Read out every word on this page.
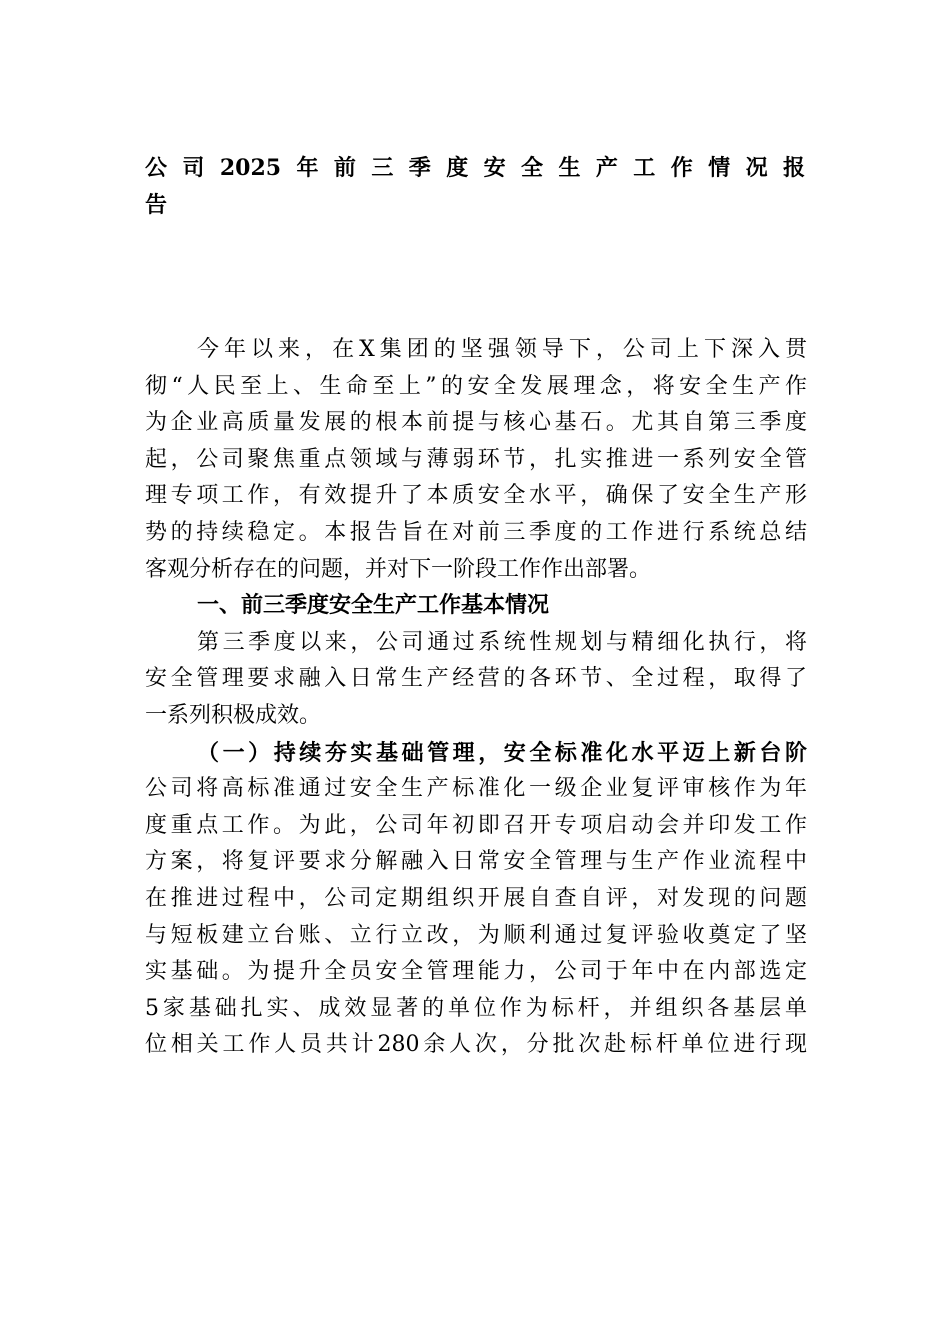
公司2025年前三季度安全生产工作情况报
告
今年以来，在X集团的坚强领导下，公司上下深入贯
彻“人民至上、生命至上”的安全发展理念，将安全生产作
为企业高质量发展的根本前提与核心基石。尤其自第三季度
起，公司聚焦重点领域与薄弱环节，扎实推进一系列安全管
理专项工作，有效提升了本质安全水平，确保了安全生产形
势的持续稳定。本报告旨在对前三季度的工作进行系统总结
客观分析存在的问题，并对下一阶段工作作出部署。
一、前三季度安全生产工作基本情况
第三季度以来，公司通过系统性规划与精细化执行，将
安全管理要求融入日常生产经营的各环节、全过程，取得了
一系列积极成效。
（一）持续夯实基础管理，安全标准化水平迈上新台阶
公司将高标准通过安全生产标准化一级企业复评审核作为年
度重点工作。为此，公司年初即召开专项启动会并印发工作
方案，将复评要求分解融入日常安全管理与生产作业流程中
在推进过程中，公司定期组织开展自查自评，对发现的问题
与短板建立台账、立行立改，为顺利通过复评验收奠定了坚
实基础。为提升全员安全管理能力，公司于年中在内部选定
5家基础扎实、成效显著的单位作为标杆，并组织各基层单
位相关工作人员共计280余人次，分批次赴标杆单位进行现
